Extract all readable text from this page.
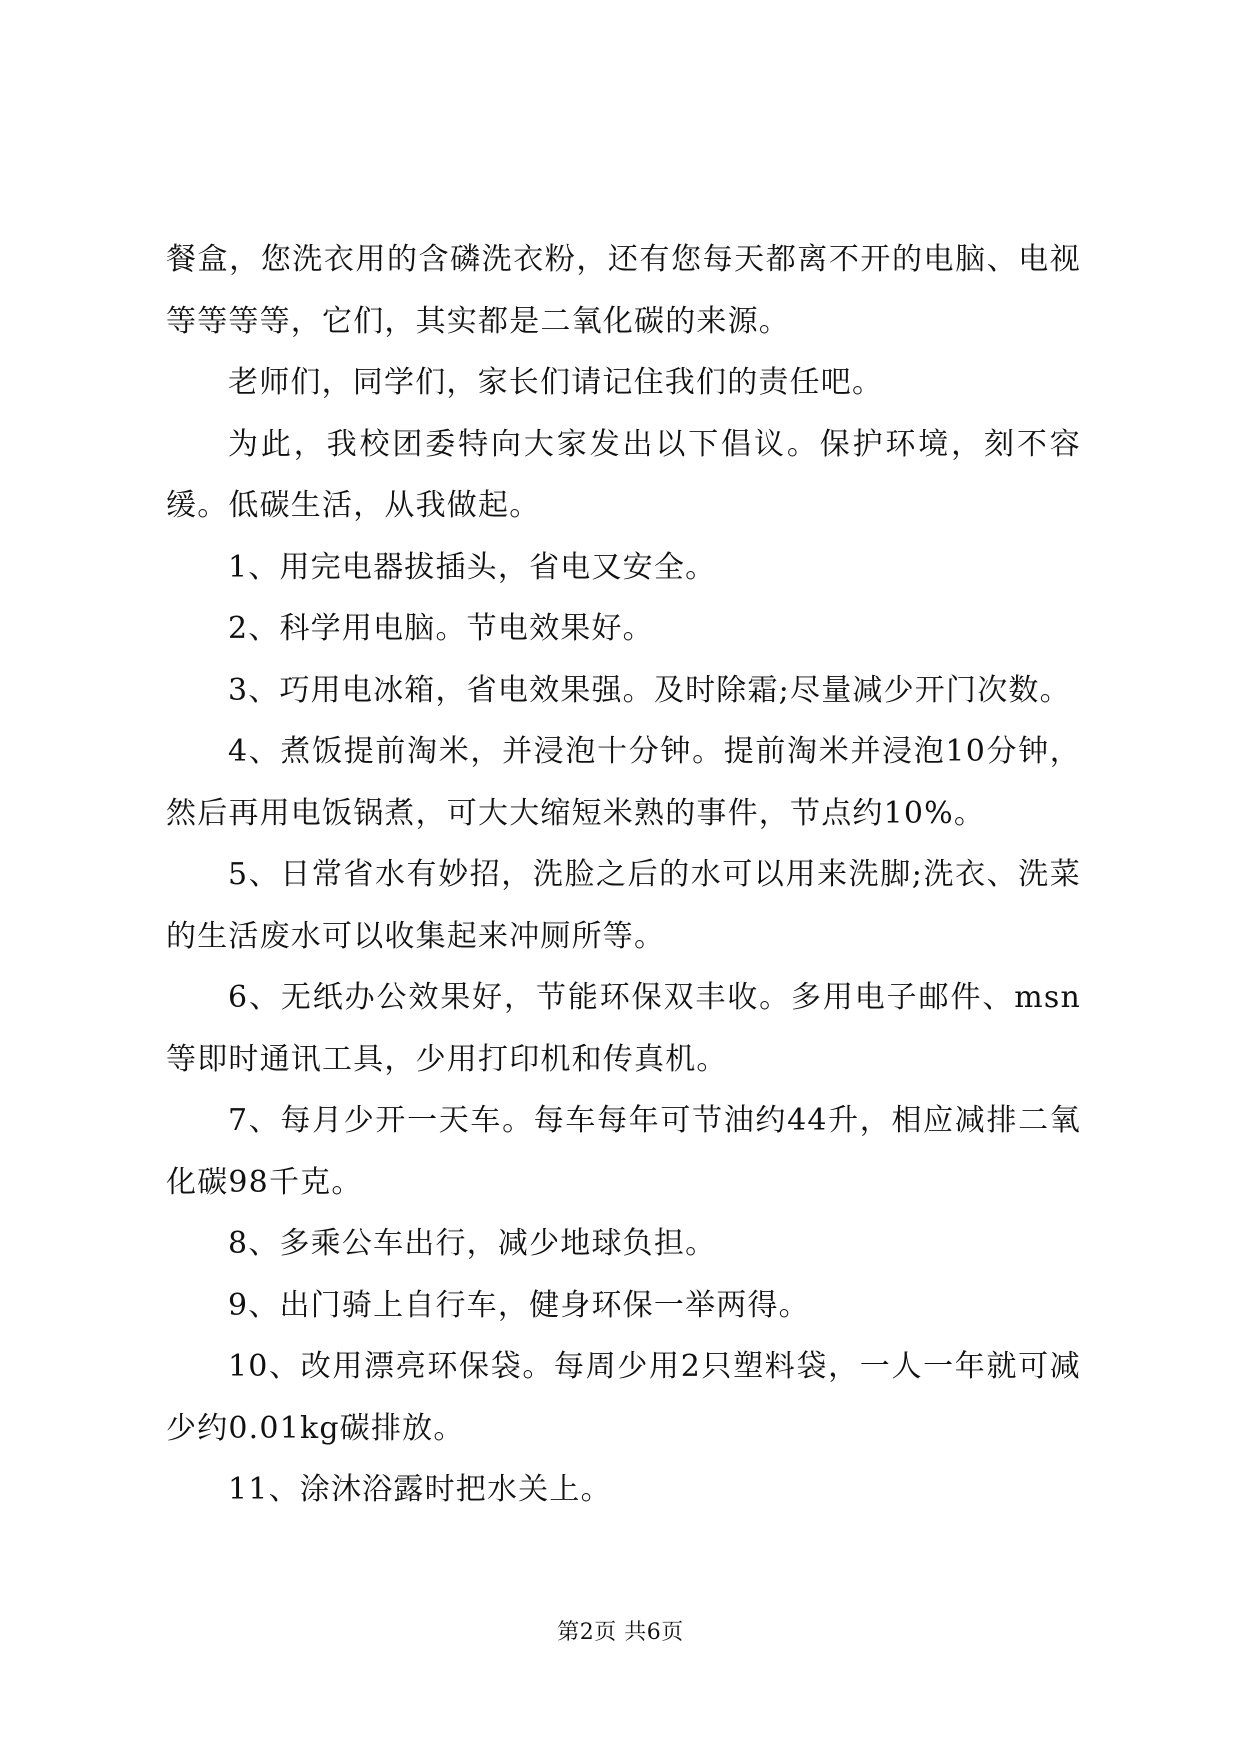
餐盒，您洗衣用的含磷洗衣粉，还有您每天都离不开的电脑、电视等等等等，它们，其实都是二氧化碳的来源。

老师们，同学们，家长们请记住我们的责任吧。

为此，我校团委特向大家发出以下倡议。保护环境，刻不容缓。低碳生活，从我做起。

1、用完电器拔插头，省电又安全。

2、科学用电脑。节电效果好。

3、巧用电冰箱，省电效果强。及时除霜;尽量减少开门次数。

4、煮饭提前淘米，并浸泡十分钟。提前淘米并浸泡10分钟，然后再用电饭锅煮，可大大缩短米熟的事件，节点约10%。

5、日常省水有妙招，洗脸之后的水可以用来洗脚;洗衣、洗菜的生活废水可以收集起来冲厕所等。

6、无纸办公效果好，节能环保双丰收。多用电子邮件、msn等即时通讯工具，少用打印机和传真机。

7、每月少开一天车。每车每年可节油约44升，相应减排二氧化碳98千克。

8、多乘公车出行，减少地球负担。

9、出门骑上自行车，健身环保一举两得。

10、改用漂亮环保袋。每周少用2只塑料袋，一人一年就可减少约0.01kg碳排放。

11、涂沐浴露时把水关上。

第2页 共6页
